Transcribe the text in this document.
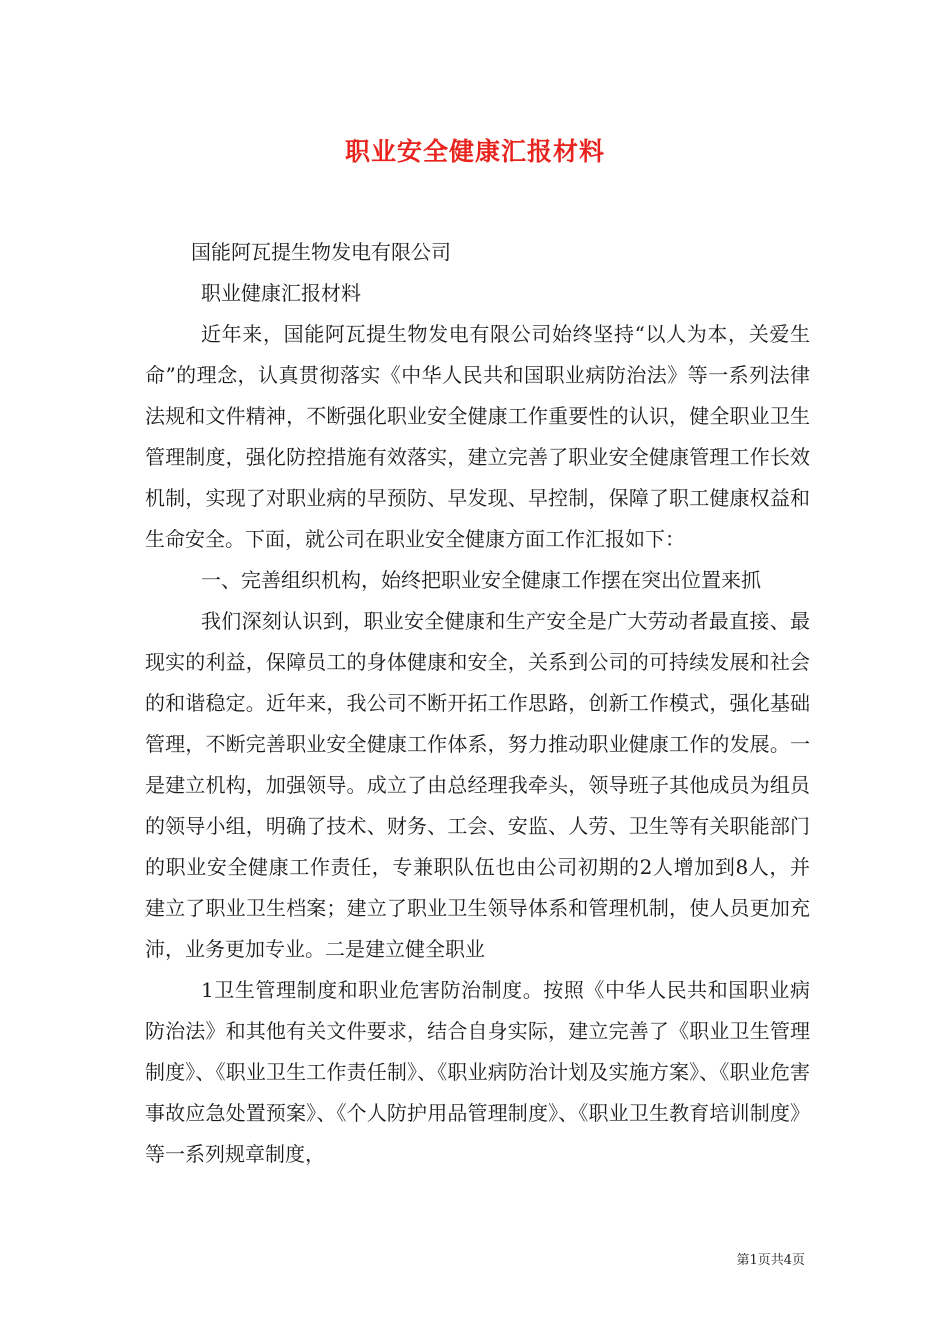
职业安全健康汇报材料

国能阿瓦提生物发电有限公司

职业健康汇报材料

近年来，国能阿瓦提生物发电有限公司始终坚持“以人为本，关爱生命”的理念，认真贯彻落实《中华人民共和国职业病防治法》等一系列法律法规和文件精神，不断强化职业安全健康工作重要性的认识，健全职业卫生管理制度，强化防控措施有效落实，建立完善了职业安全健康管理工作长效机制，实现了对职业病的早预防、早发现、早控制，保障了职工健康权益和生命安全。下面，就公司在职业安全健康方面工作汇报如下：

一、完善组织机构，始终把职业安全健康工作摆在突出位置来抓

我们深刻认识到，职业安全健康和生产安全是广大劳动者最直接、最现实的利益，保障员工的身体健康和安全，关系到公司的可持续发展和社会的和谐稳定。近年来，我公司不断开拓工作思路，创新工作模式，强化基础管理，不断完善职业安全健康工作体系，努力推动职业健康工作的发展。一是建立机构，加强领导。成立了由总经理我牵头，领导班子其他成员为组员的领导小组，明确了技术、财务、工会、安监、人劳、卫生等有关职能部门的职业安全健康工作责任，专兼职队伍也由公司初期的2人增加到8人，并建立了职业卫生档案；建立了职业卫生领导体系和管理机制，使人员更加充沛，业务更加专业。二是建立健全职业

1卫生管理制度和职业危害防治制度。按照《中华人民共和国职业病防治法》和其他有关文件要求，结合自身实际，建立完善了《职业卫生管理制度》、《职业卫生工作责任制》、《职业病防治计划及实施方案》、《职业危害事故应急处置预案》、《个人防护用品管理制度》、《职业卫生教育培训制度》等一系列规章制度，

第1页共4页
